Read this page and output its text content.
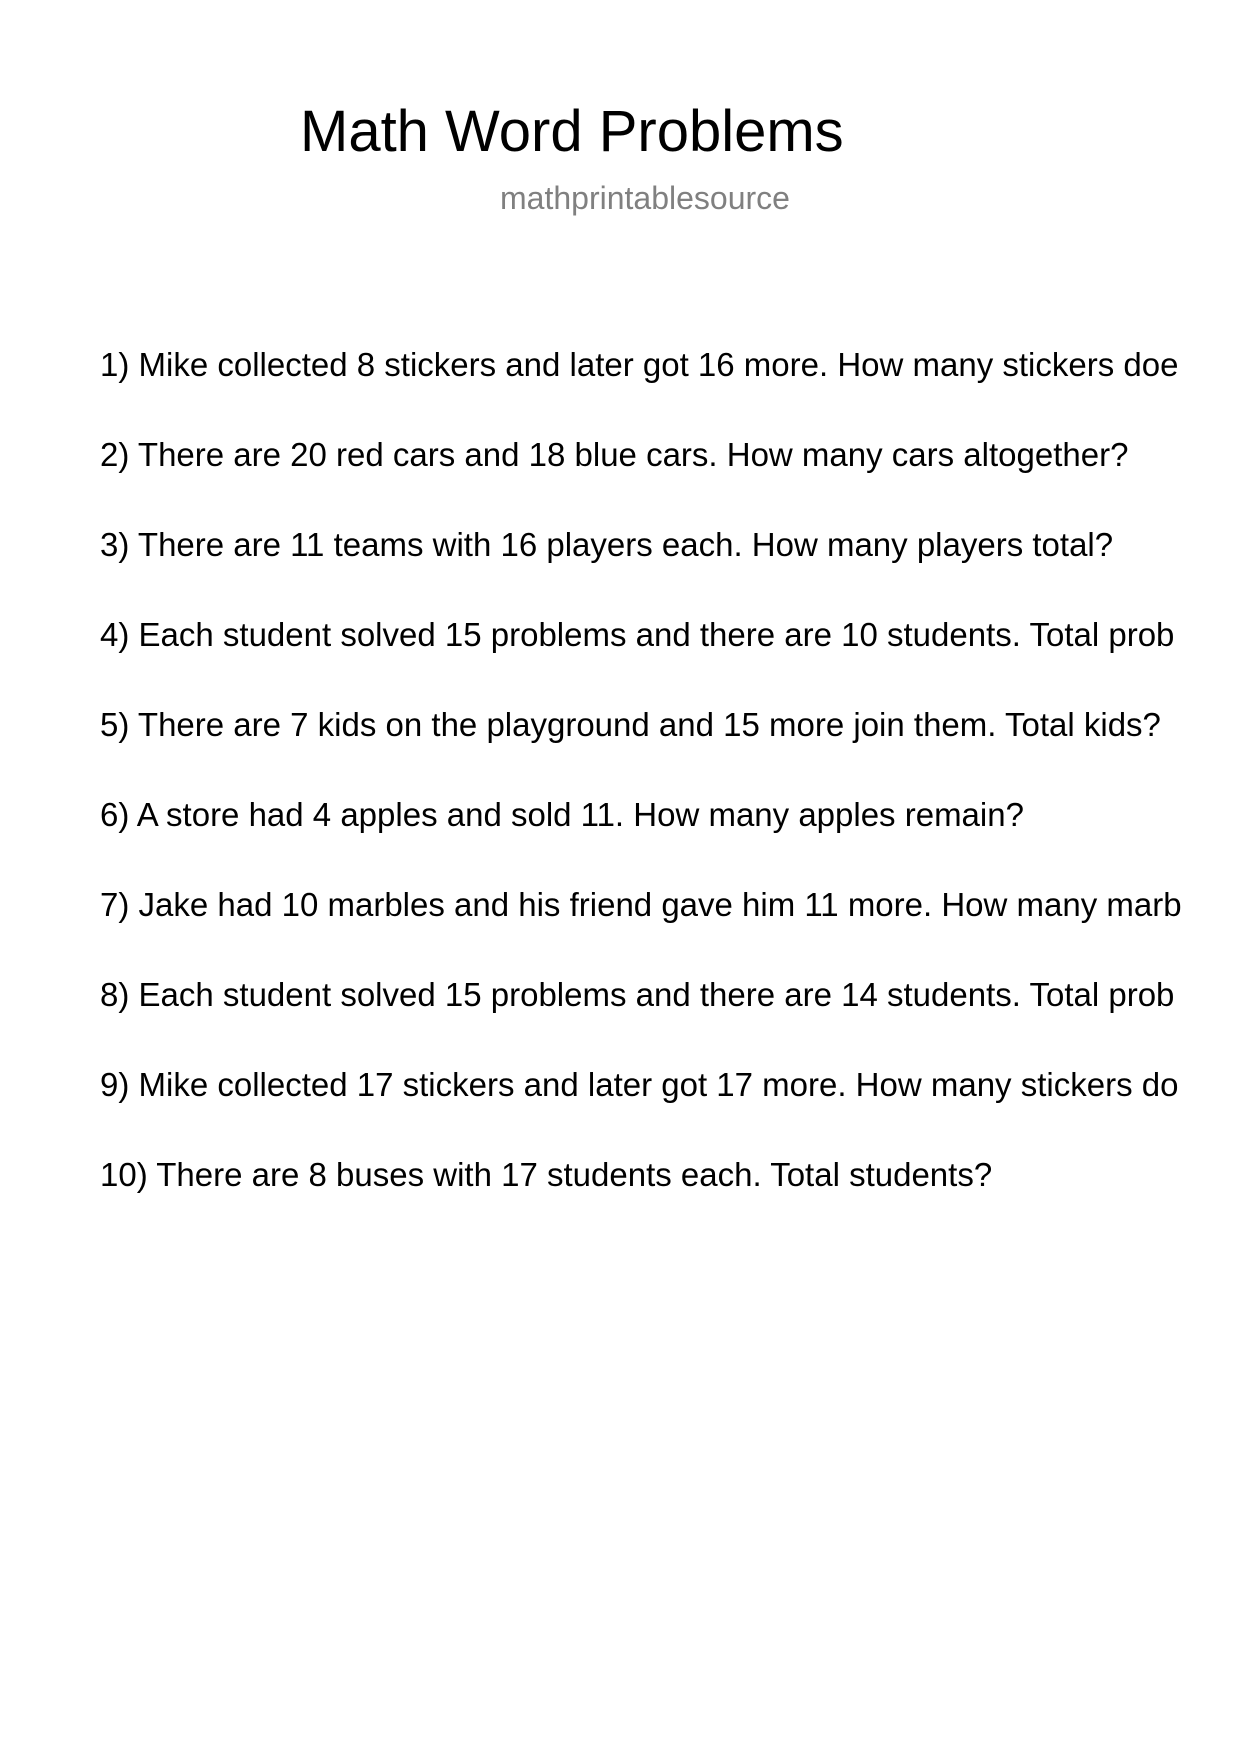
Math Word Problems
mathprintablesource
1) Mike collected 8 stickers and later got 16 more. How many stickers doe
2) There are 20 red cars and 18 blue cars. How many cars altogether?
3) There are 11 teams with 16 players each. How many players total?
4) Each student solved 15 problems and there are 10 students. Total prob
5) There are 7 kids on the playground and 15 more join them. Total kids?
6) A store had 4 apples and sold 11. How many apples remain?
7) Jake had 10 marbles and his friend gave him 11 more. How many marb
8) Each student solved 15 problems and there are 14 students. Total prob
9) Mike collected 17 stickers and later got 17 more. How many stickers do
10) There are 8 buses with 17 students each. Total students?
